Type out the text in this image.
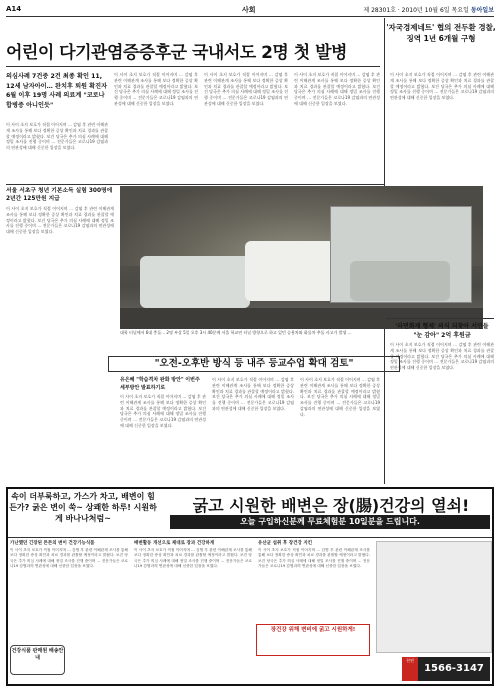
A14	사회	제 28301호 · 2010년 10월 6일 목요일 동아일보
어린이 다기관염증증후군 국내서도 2명 첫 발병
'자국경제네트' 협의 전두환 경찰, 징역 1년 6개월 구형
의심사례 7건중 2건 최종 확인 11, 12세 남자아이… 완치후 퇴원 확진자 6월 이후 19명 사례 의료계 "코로나 합병증 아니인듯"
이 사이 초지 보호가 직접 이어지며 … 감염 후 관련 이해관계 조사를 통해 보다 정확한 증상 확인과 치료 경과를 관찰할 예정이라고 밝혔다. 보건 당국은 추가 의심 사례에 대해 정밀 조사를 진행 중이며 … 전문가들은 코로나19 감염과의 연관성에 대해 신중한 입장을 보였다.
이 사이 초지 보호가 직접 이어지며 … 감염 후 관련 이해관계 조사를 통해 보다 정확한 증상 확인과 치료 경과를 관찰할 예정이라고 밝혔다. 보건 당국은 추가 의심 사례에 대해 정밀 조사를 진행 중이며 … 전문가들은 코로나19 감염과의 연관성에 대해 신중한 입장을 보였다.
이 사이 초지 보호가 직접 이어지며 … 감염 후 관련 이해관계 조사를 통해 보다 정확한 증상 확인과 치료 경과를 관찰할 예정이라고 밝혔다. 보건 당국은 추가 의심 사례에 대해 정밀 조사를 진행 중이며 … 전문가들은 코로나19 감염과의 연관성에 대해 신중한 입장을 보였다.
이 사이 초지 보호가 직접 이어지며 … 감염 후 관련 이해관계 조사를 통해 보다 정확한 증상 확인과 치료 경과를 관찰할 예정이라고 밝혔다. 보건 당국은 추가 의심 사례에 대해 정밀 조사를 진행 중이며 … 전문가들은 코로나19 감염과의 연관성에 대해 신중한 입장을 보였다.
이 사이 초지 보호가 직접 이어지며 … 감염 후 관련 이해관계 조사를 통해 보다 정확한 증상 확인과 치료 경과를 관찰할 예정이라고 밝혔다. 보건 당국은 추가 의심 사례에 대해 정밀 조사를 진행 중이며 … 전문가들은 코로나19 감염과의 연관성에 대해 신중한 입장을 보였다.
서울 서초구 청년 기본소득 실험 300명에 2년간 125만원 지급
이 사이 초지 보호가 직접 이어지며 … 감염 후 관련 이해관계 조사를 통해 보다 정확한 증상 확인과 치료 경과를 관찰할 예정이라고 밝혔다. 보건 당국은 추가 의심 사례에 대해 정밀 조사를 진행 중이며 … 전문가들은 코로나19 감염과의 연관성에 대해 신중한 입장을 보였다.
대학 터널에서 6대 충돌… 2명 부상 5일 오후 3시 40분께 서울 학교연 터널 방향으로 하고 있던 승용차와 화물차 추돌 사고가 발생 …
'라면화재 형제' 의식 되찾아 서민들 "눈 감아" 2억 후원금
이 사이 초지 보호가 직접 이어지며 … 감염 후 관련 이해관계 조사를 통해 보다 정확한 증상 확인과 치료 경과를 관찰할 예정이라고 밝혔다. 보건 당국은 추가 의심 사례에 대해 정밀 조사를 진행 중이며 … 전문가들은 코로나19 감염과의 연관성에 대해 신중한 입장을 보였다.
"오전-오후반 방식 등 내주 등교수업 확대 검토"
유은혜 "학습격차 완화 방안" 이번주 세부방안 발표하기로
이 사이 초지 보호가 직접 이어지며 … 감염 후 관련 이해관계 조사를 통해 보다 정확한 증상 확인과 치료 경과를 관찰할 예정이라고 밝혔다. 보건 당국은 추가 의심 사례에 대해 정밀 조사를 진행 중이며 … 전문가들은 코로나19 감염과의 연관성에 대해 신중한 입장을 보였다.
이 사이 초지 보호가 직접 이어지며 … 감염 후 관련 이해관계 조사를 통해 보다 정확한 증상 확인과 치료 경과를 관찰할 예정이라고 밝혔다. 보건 당국은 추가 의심 사례에 대해 정밀 조사를 진행 중이며 … 전문가들은 코로나19 감염과의 연관성에 대해 신중한 입장을 보였다.
이 사이 초지 보호가 직접 이어지며 … 감염 후 관련 이해관계 조사를 통해 보다 정확한 증상 확인과 치료 경과를 관찰할 예정이라고 밝혔다. 보건 당국은 추가 의심 사례에 대해 정밀 조사를 진행 중이며 … 전문가들은 코로나19 감염과의 연관성에 대해 신중한 입장을 보였다.
속이 더부룩하고, 가스가 차고, 배변이 힘든가? 굵은 변이 쑥~ 상쾌한 하루! 시원하게 바나나처럼~
굵고 시원한 배변은 장(腸)건강의 열쇠!
오늘 구입하신분께 무료체험분 10일분을 드립니다.
가난했던 긴장된 튼튼의 변이 건강기능식품
이 사이 초지 보호가 직접 이어지며 … 감염 후 관련 이해관계 조사를 통해 보다 정확한 증상 확인과 치료 경과를 관찰할 예정이라고 밝혔다. 보건 당국은 추가 의심 사례에 대해 정밀 조사를 진행 중이며 … 전문가들은 코로나19 감염과의 연관성에 대해 신중한 입장을 보였다.
배변활동 개선으로 제대로 장과 건강하게
이 사이 초지 보호가 직접 이어지며 … 감염 후 관련 이해관계 조사를 통해 보다 정확한 증상 확인과 치료 경과를 관찰할 예정이라고 밝혔다. 보건 당국은 추가 의심 사례에 대해 정밀 조사를 진행 중이며 … 전문가들은 코로나19 감염과의 연관성에 대해 신중한 입장을 보였다.
유산균 섭취 후 장건강 지킨
이 사이 초지 보호가 직접 이어지며 … 감염 후 관련 이해관계 조사를 통해 보다 정확한 증상 확인과 치료 경과를 관찰할 예정이라고 밝혔다. 보건 당국은 추가 의심 사례에 대해 정밀 조사를 진행 중이며 … 전문가들은 코로나19 감염과의 연관성에 대해 신중한 입장을 보였다.
장건강 위해 변비에 굵고 시원하게!
건강식품 판매원 배송안내	천연
1566-3147
